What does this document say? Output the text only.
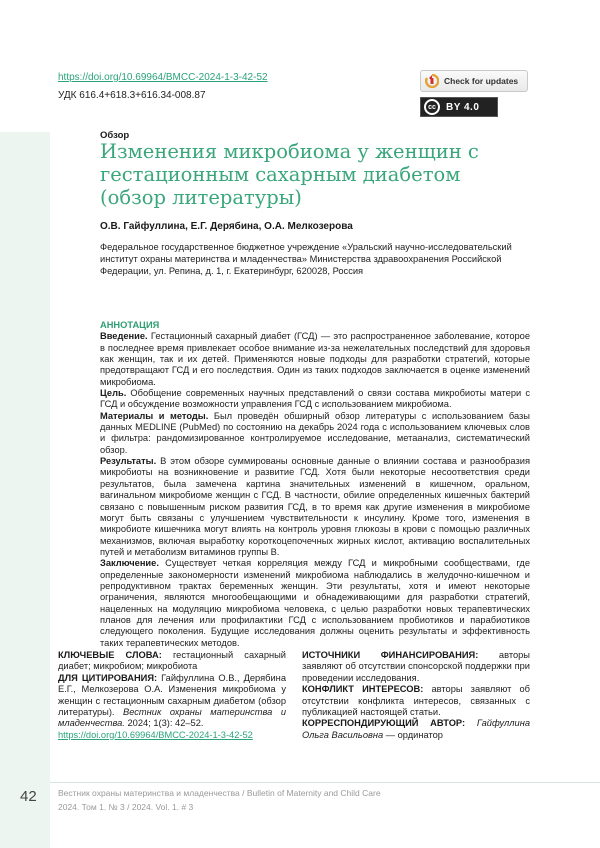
https://doi.org/10.69964/BMCC-2024-1-3-42-52
УДК 616.4+618.3+616.34-008.87
Check for updates
cc	BY 4.0
Обзор
Изменения микробиома у женщин с гестационным сахарным диабетом (обзор литературы)
О.В. Гайфуллина, Е.Г. Дерябина, О.А. Мелкозерова
Федеральное государственное бюджетное учреждение «Уральский научно-исследовательский институт охраны материнства и младенчества» Министерства здравоохранения Российской Федерации, ул. Репина, д. 1, г. Екатеринбург, 620028, Россия
АННОТАЦИЯ

Введение. Гестационный сахарный диабет (ГСД) — это распространенное заболевание, которое в последнее время привлекает особое внимание из-за нежелательных последствий для здоровья как женщин, так и их детей. Применяются новые подходы для разработки стратегий, которые предотвращают ГСД и его последствия. Один из таких подходов заключается в оценке изменений микробиома.

Цель. Обобщение современных научных представлений о связи состава микробиоты матери с ГСД и обсуждение возможности управления ГСД с использованием микробиома.

Материалы и методы. Был проведён обширный обзор литературы с использованием базы данных MEDLINE (PubMed) по состоянию на декабрь 2024 года с использованием ключевых слов и фильтра: рандомизированное контролируемое исследование, метаанализ, систематический обзор.

Результаты. В этом обзоре суммированы основные данные о влиянии состава и разнообразия микробиоты на возникновение и развитие ГСД. Хотя были некоторые несоответствия среди результатов, была замечена картина значительных изменений в кишечном, оральном, вагинальном микробиоме женщин с ГСД. В частности, обилие определенных кишечных бактерий связано с повышенным риском развития ГСД, в то время как другие изменения в микробиоме могут быть связаны с улучшением чувствительности к инсулину. Кроме того, изменения в микробиоте кишечника могут влиять на контроль уровня глюкозы в крови с помощью различных механизмов, включая выработку короткоцепочечных жирных кислот, активацию воспалительных путей и метаболизм витаминов группы B.

Заключение. Существует четкая корреляция между ГСД и микробными сообществами, где определенные закономерности изменений микробиома наблюдались в желудочно-кишечном и репродуктивном трактах беременных женщин. Эти результаты, хотя и имеют некоторые ограничения, являются многообещающими и обнадеживающими для разработки стратегий, нацеленных на модуляцию микробиома человека, с целью разработки новых терапевтических планов для лечения или профилактики ГСД с использованием пробиотиков и парабиотиков следующего поколения. Будущие исследования должны оценить результаты и эффективность таких терапевтических методов.

КЛЮЧЕВЫЕ СЛОВА: гестационный сахарный диабет; микробиом; микробиота

ДЛЯ ЦИТИРОВАНИЯ: Гайфуллина О.В., Дерябина Е.Г., Мелкозерова О.А. Изменения микробиома у женщин с гестационным сахарным диабетом (обзор литературы). Вестник охраны материнства и младенчества. 2024; 1(3): 42–52.
https://doi.org/10.69964/BMCC-2024-1-3-42-52

ИСТОЧНИКИ ФИНАНСИРОВАНИЯ: авторы заявляют об отсутствии спонсорской поддержки при проведении исследования.

КОНФЛИКТ ИНТЕРЕСОВ: авторы заявляют об отсутствии конфликта интересов, связанных с публикацией настоящей статьи.

КОРРЕСПОНДИРУЮЩИЙ АВТОР: Гайфуллина Ольга Васильовна — ординатор

42	Вестник охраны материнства и младенчества / Bulletin of Maternity and Child Care
2024. Том 1. № 3 / 2024. Vol. 1. # 3
